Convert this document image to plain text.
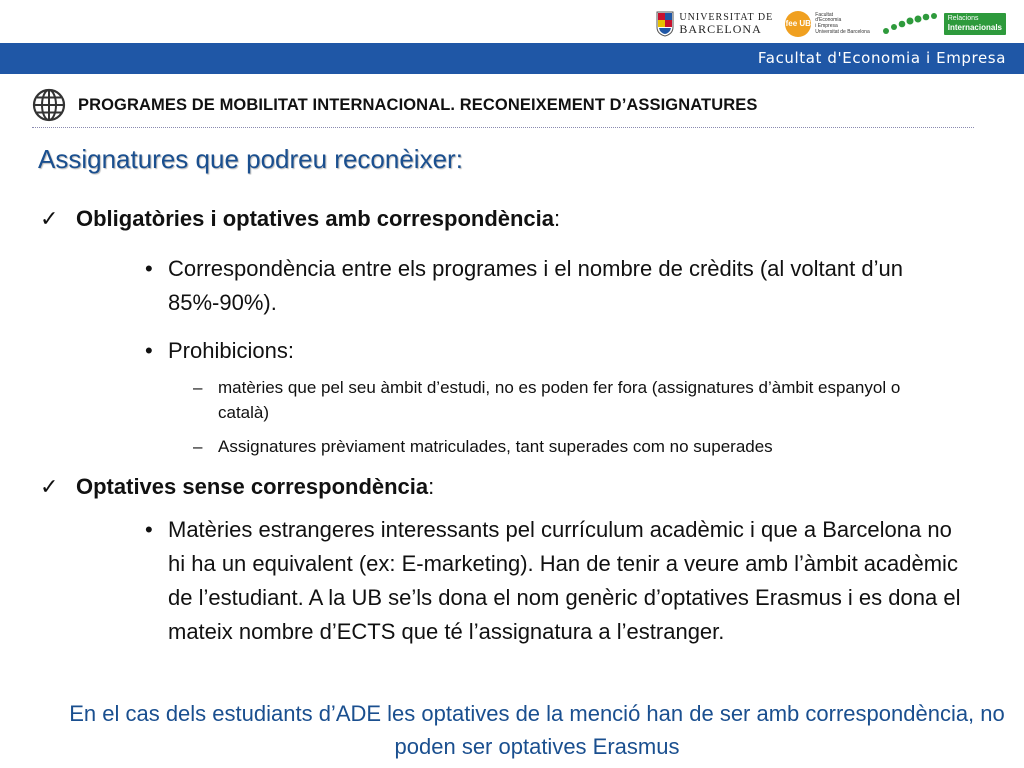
UNIVERSITAT DE
BARCELONA	fee UB
Facultat
d'Economia
i Empresa
Universitat de Barcelona
Relacions
Internacionals
Facultat d'Economia i Empresa
PROGRAMES DE MOBILITAT INTERNACIONAL. RECONEIXEMENT D’ASSIGNATURES
Assignatures que podreu reconèixer:
✓ Obligatòries i optatives amb correspondència:
• Correspondència entre els programes i el nombre de crèdits (al voltant d’un 85%-90%).
• Prohibicions:
– matèries que pel seu àmbit d’estudi, no es poden fer fora (assignatures d’àmbit espanyol o català)
– Assignatures prèviament matriculades, tant superades com no superades
✓ Optatives sense correspondència:
• Matèries estrangeres interessants pel currículum acadèmic i que a Barcelona no hi ha un equivalent (ex: E-marketing). Han de tenir a veure amb l’àmbit acadèmic de l’estudiant. A la UB se’ls dona el nom genèric d’optatives Erasmus i es dona el mateix nombre d’ECTS que té l’assignatura a l’estranger.
En el cas dels estudiants d’ADE les optatives de la menció han de ser amb correspondència, no poden ser optatives Erasmus
